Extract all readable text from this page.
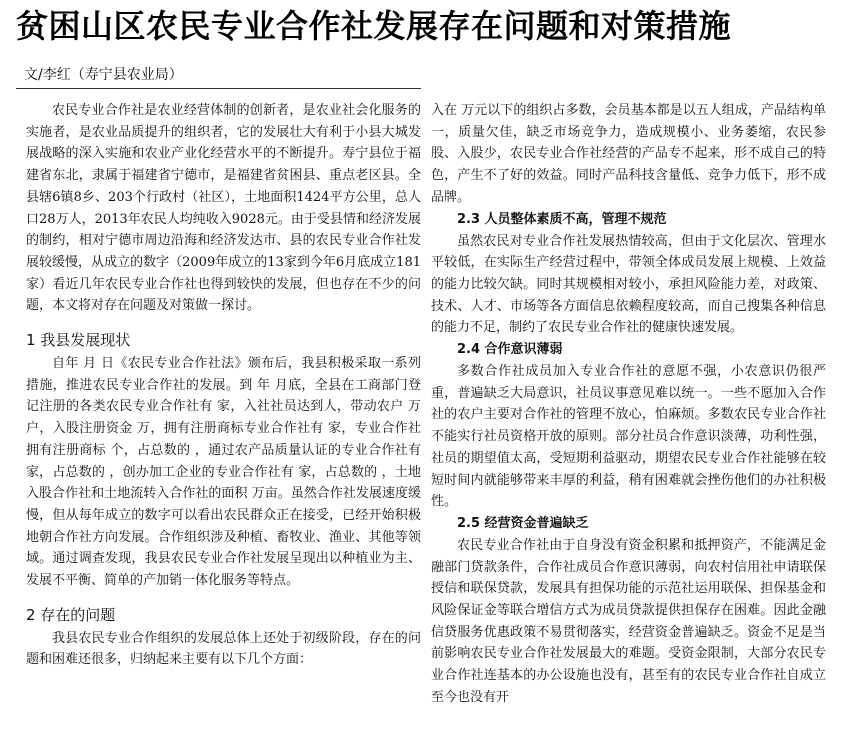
贫困山区农民专业合作社发展存在问题和对策措施
文/李红（寿宁县农业局）

农民专业合作社是农业经营体制的创新者，是农业社会化服务的实施者，是农业品质提升的组织者，它的发展壮大有利于小县大城发展战略的深入实施和农业产业化经营水平的不断提升。寿宁县位于福建省东北，隶属于福建省宁德市，是福建省贫困县、重点老区县。全县辖6镇8乡、203个行政村（社区），土地面积1424平方公里，总人口28万人，2013年农民人均纯收入9028元。由于受县情和经济发展的制约，相对宁德市周边沿海和经济发达市、县的农民专业合作社发展较缓慢，从成立的数字（2009年成立的13家到今年6月底成立181家）看近几年农民专业合作社也得到较快的发展，但也存在不少的问题，本文将对存在问题及对策做一探讨。

1 我县发展现状

自年 月 日《农民专业合作社法》颁布后，我县积极采取一系列措施，推进农民专业合作社的发展。到 年 月底，全县在工商部门登记注册的各类农民专业合作社有 家，入社社员达到人，带动农户 万户，入股注册资金 万，拥有注册商标专业合作社有 家，专业合作社拥有注册商标 个，占总数的 ，通过农产品质量认证的专业合作社有 家，占总数的 ，创办加工企业的专业合作社有 家，占总数的 ，土地入股合作社和土地流转入合作社的面积 万亩。虽然合作社发展速度缓慢，但从每年成立的数字可以看出农民群众正在接受，已经开始积极地朝合作社方向发展。合作组织涉及种植、畜牧业、渔业、其他等领域。通过调查发现，我县农民专业合作社发展呈现出以种植业为主、发展不平衡、简单的产加销一体化服务等特点。

2 存在的问题

我县农民专业合作组织的发展总体上还处于初级阶段，存在的问题和困难还很多，归纳起来主要有以下几个方面：

入在 万元以下的组织占多数，会员基本都是以五人组成，产品结构单一，质量欠佳，缺乏市场竞争力，造成规模小、业务萎缩，农民参股、入股少，农民专业合作社经营的产品专不起来，形不成自己的特色，产生不了好的效益。同时产品科技含量低、竞争力低下，形不成品牌。

2.3 人员整体素质不高，管理不规范

虽然农民对专业合作社发展热情较高，但由于文化层次、管理水平较低，在实际生产经营过程中，带领全体成员发展上规模、上效益的能力比较欠缺。同时其规模相对较小，承担风险能力差，对政策、技术、人才、市场等各方面信息依赖程度较高，而自己搜集各种信息的能力不足，制约了农民专业合作社的健康快速发展。

2.4 合作意识薄弱

多数合作社成员加入专业合作社的意愿不强，小农意识仍很严重，普遍缺乏大局意识，社员议事意见难以统一。一些不愿加入合作社的农户主要对合作社的管理不放心，怕麻烦。多数农民专业合作社不能实行社员资格开放的原则。部分社员合作意识淡薄，功利性强，社员的期望值太高，受短期利益驱动，期望农民专业合作社能够在较短时间内就能够带来丰厚的利益，稍有困难就会挫伤他们的办社积极性。

2.5 经营资金普遍缺乏

农民专业合作社由于自身没有资金积累和抵押资产，不能满足金融部门贷款条件，合作社成员合作意识薄弱，向农村信用社申请联保授信和联保贷款，发展具有担保功能的示范社运用联保、担保基金和风险保证金等联合增信方式为成员贷款提供担保存在困难。因此金融信贷服务优惠政策不易贯彻落实，经营资金普遍缺乏。资金不足是当前影响农民专业合作社发展最大的难题。受资金限制，大部分农民专业合作社连基本的办公设施也没有，甚至有的农民专业合作社自成立至今也没有开
